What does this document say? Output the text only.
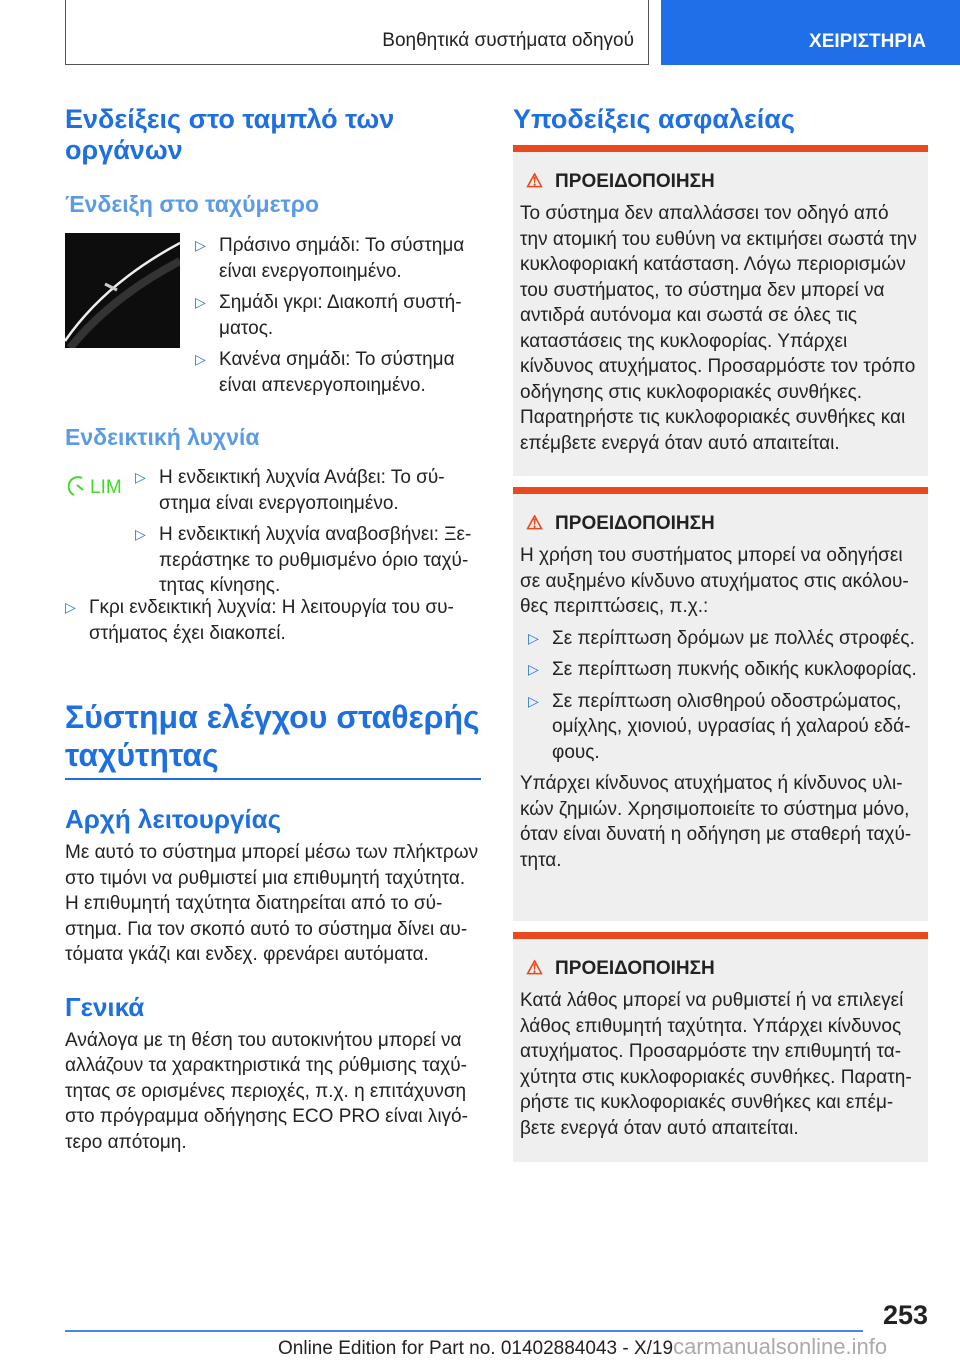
Βοηθητικά συστήματα οδηγού	ΧΕΙΡΙΣΤΗΡΙΑ
Ενδείξεις στο ταμπλό των οργάνων
Ένδειξη στο ταχύμετρο
▷ Πράσινο σημάδι: Το σύστημα είναι ενεργοποιημένο.
▷ Σημάδι γκρι: Διακοπή συστήματος.
▷ Κανένα σημάδι: Το σύστημα είναι απενεργοποιημένο.
Ενδεικτική λυχνία
LIM ▷ Η ενδεικτική λυχνία Ανάβει: Το σύστημα είναι ενεργοποιημένο.
▷ Η ενδεικτική λυχνία αναβοσβήνει: Ξεπεράστηκε το ρυθμισμένο όριο ταχύτητας κίνησης.
▷ Γκρι ενδεικτική λυχνία: Η λειτουργία του συστήματος έχει διακοπεί.
Σύστημα ελέγχου σταθερής ταχύτητας
Αρχή λειτουργίας

Με αυτό το σύστημα μπορεί μέσω των πλήκτρων στο τιμόνι να ρυθμιστεί μια επιθυμητή ταχύτητα. Η επιθυμητή ταχύτητα διατηρείται από το σύστημα. Για τον σκοπό αυτό το σύστημα δίνει αυτόματα γκάζι και ενδεχ. φρενάρει αυτόματα.

Γενικά

Ανάλογα με τη θέση του αυτοκινήτου μπορεί να αλλάζουν τα χαρακτηριστικά της ρύθμισης ταχύτητας σε ορισμένες περιοχές, π.χ. η επιτάχυνση στο πρόγραμμα οδήγησης ECO PRO είναι λιγότερο απότομη.

Υποδείξεις ασφαλείας
⚠ ΠΡΟΕΙΔΟΠΟΙΗΣΗ

Το σύστημα δεν απαλλάσσει τον οδηγό από την ατομική του ευθύνη να εκτιμήσει σωστά την κυκλοφοριακή κατάσταση. Λόγω περιορισμών του συστήματος, το σύστημα δεν μπορεί να αντιδρά αυτόνομα και σωστά σε όλες τις καταστάσεις της κυκλοφορίας. Υπάρχει κίνδυνος ατυχήματος. Προσαρμόστε τον τρόπο οδήγησης στις κυκλοφοριακές συνθήκες. Παρατηρήστε τις κυκλοφοριακές συνθήκες και επέμβετε ενεργά όταν αυτό απαιτείται.

⚠ ΠΡΟΕΙΔΟΠΟΙΗΣΗ

Η χρήση του συστήματος μπορεί να οδηγήσει σε αυξημένο κίνδυνο ατυχήματος στις ακόλουθες περιπτώσεις, π.χ.:

▷ Σε περίπτωση δρόμων με πολλές στροφές.
▷ Σε περίπτωση πυκνής οδικής κυκλοφορίας.
▷ Σε περίπτωση ολισθηρού οδοστρώματος, ομίχλης, χιονιού, υγρασίας ή χαλαρού εδάφους.

Υπάρχει κίνδυνος ατυχήματος ή κίνδυνος υλικών ζημιών. Χρησιμοποιείτε το σύστημα μόνο, όταν είναι δυνατή η οδήγηση με σταθερή ταχύτητα.

⚠ ΠΡΟΕΙΔΟΠΟΙΗΣΗ

Κατά λάθος μπορεί να ρυθμιστεί ή να επιλεγεί λάθος επιθυμητή ταχύτητα. Υπάρχει κίνδυνος ατυχήματος. Προσαρμόστε την επιθυμητή ταχύτητα στις κυκλοφοριακές συνθήκες. Παρατηρήστε τις κυκλοφοριακές συνθήκες και επέμβετε ενεργά όταν αυτό απαιτείται.

253
Online Edition for Part no. 01402884043 - X/19carmanualsonline.info
